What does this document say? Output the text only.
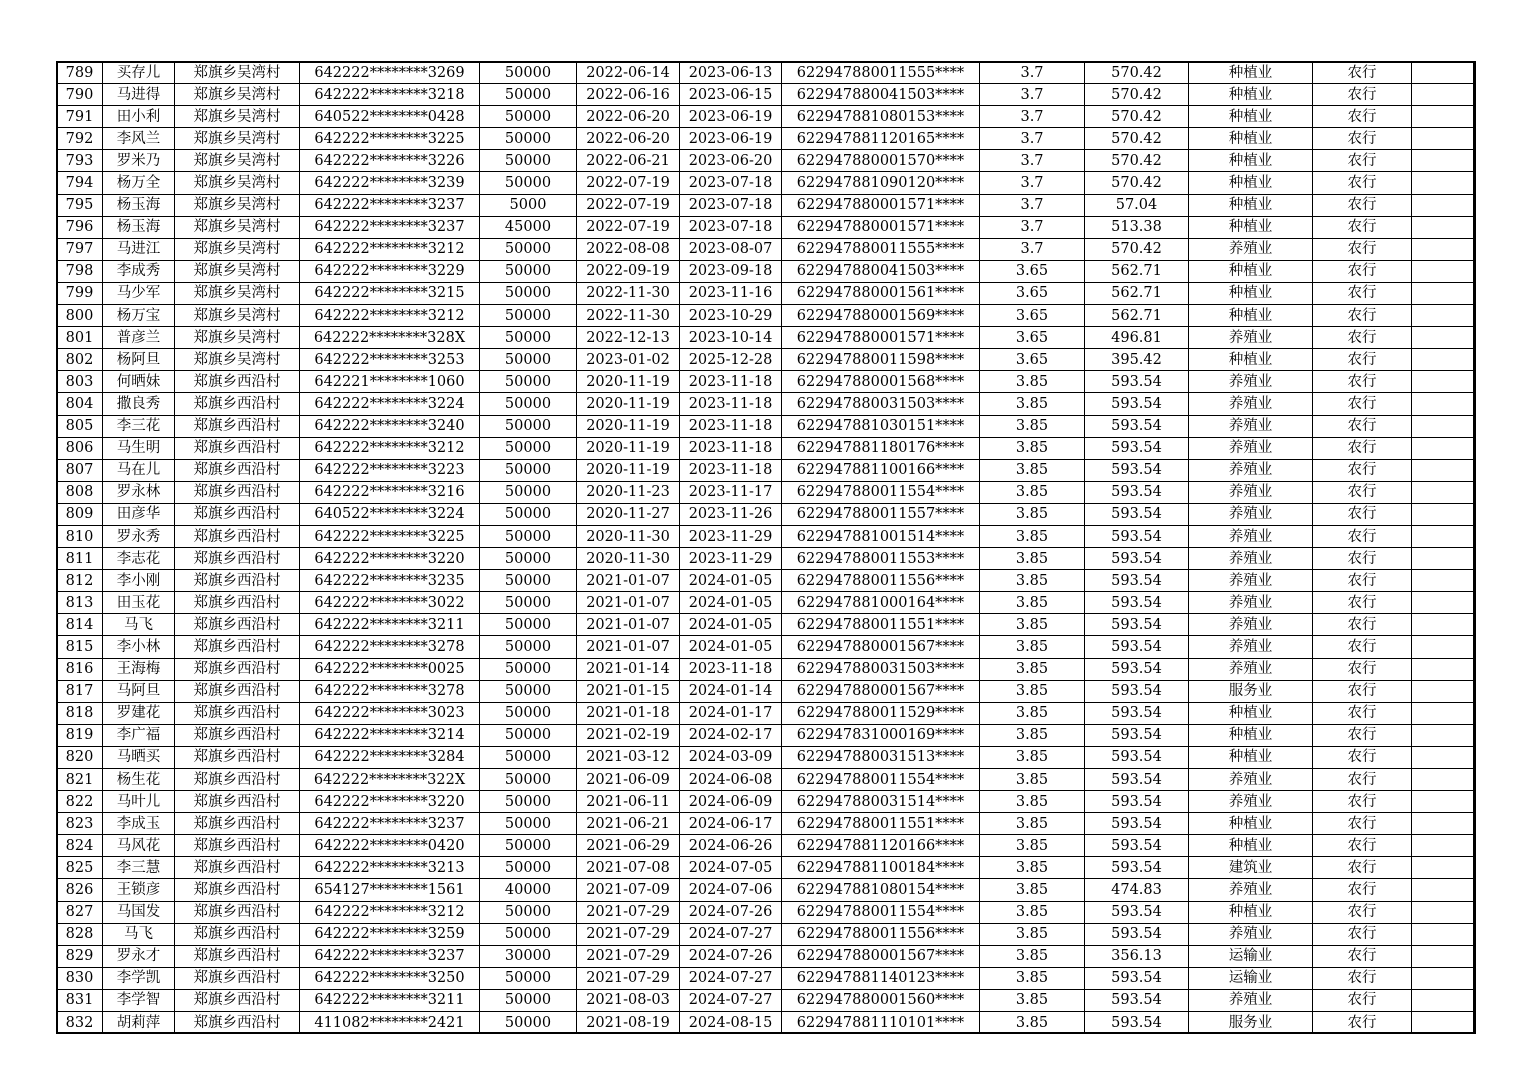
789	买存儿	郑旗乡吴湾村	642222********3269	50000	2022-06-14	2023-06-13	622947880011555****	3.7	570.42	种植业	农行	
790	马进得	郑旗乡吴湾村	642222********3218	50000	2022-06-16	2023-06-15	622947880041503****	3.7	570.42	种植业	农行	
791	田小利	郑旗乡吴湾村	640522********0428	50000	2022-06-20	2023-06-19	622947881080153****	3.7	570.42	种植业	农行	
792	李风兰	郑旗乡吴湾村	642222********3225	50000	2022-06-20	2023-06-19	622947881120165****	3.7	570.42	种植业	农行	
793	罗米乃	郑旗乡吴湾村	642222********3226	50000	2022-06-21	2023-06-20	622947880001570****	3.7	570.42	种植业	农行	
794	杨万全	郑旗乡吴湾村	642222********3239	50000	2022-07-19	2023-07-18	622947881090120****	3.7	570.42	种植业	农行	
795	杨玉海	郑旗乡吴湾村	642222********3237	5000	2022-07-19	2023-07-18	622947880001571****	3.7	57.04	种植业	农行	
796	杨玉海	郑旗乡吴湾村	642222********3237	45000	2022-07-19	2023-07-18	622947880001571****	3.7	513.38	种植业	农行	
797	马进江	郑旗乡吴湾村	642222********3212	50000	2022-08-08	2023-08-07	622947880011555****	3.7	570.42	养殖业	农行	
798	李成秀	郑旗乡吴湾村	642222********3229	50000	2022-09-19	2023-09-18	622947880041503****	3.65	562.71	种植业	农行	
799	马少军	郑旗乡吴湾村	642222********3215	50000	2022-11-30	2023-11-16	622947880001561****	3.65	562.71	种植业	农行	
800	杨万宝	郑旗乡吴湾村	642222********3212	50000	2022-11-30	2023-10-29	622947880001569****	3.65	562.71	种植业	农行	
801	普彦兰	郑旗乡吴湾村	642222********328X	50000	2022-12-13	2023-10-14	622947880001571****	3.65	496.81	养殖业	农行	
802	杨阿旦	郑旗乡吴湾村	642222********3253	50000	2023-01-02	2025-12-28	622947880011598****	3.65	395.42	种植业	农行	
803	何晒妹	郑旗乡西沿村	642221********1060	50000	2020-11-19	2023-11-18	622947880001568****	3.85	593.54	养殖业	农行	
804	撒良秀	郑旗乡西沿村	642222********3224	50000	2020-11-19	2023-11-18	622947880031503****	3.85	593.54	养殖业	农行	
805	李三花	郑旗乡西沿村	642222********3240	50000	2020-11-19	2023-11-18	622947881030151****	3.85	593.54	养殖业	农行	
806	马生明	郑旗乡西沿村	642222********3212	50000	2020-11-19	2023-11-18	622947881180176****	3.85	593.54	养殖业	农行	
807	马在儿	郑旗乡西沿村	642222********3223	50000	2020-11-19	2023-11-18	622947881100166****	3.85	593.54	养殖业	农行	
808	罗永林	郑旗乡西沿村	642222********3216	50000	2020-11-23	2023-11-17	622947880011554****	3.85	593.54	养殖业	农行	
809	田彦华	郑旗乡西沿村	640522********3224	50000	2020-11-27	2023-11-26	622947880011557****	3.85	593.54	养殖业	农行	
810	罗永秀	郑旗乡西沿村	642222********3225	50000	2020-11-30	2023-11-29	622947881001514****	3.85	593.54	养殖业	农行	
811	李志花	郑旗乡西沿村	642222********3220	50000	2020-11-30	2023-11-29	622947880011553****	3.85	593.54	养殖业	农行	
812	李小刚	郑旗乡西沿村	642222********3235	50000	2021-01-07	2024-01-05	622947880011556****	3.85	593.54	养殖业	农行	
813	田玉花	郑旗乡西沿村	642222********3022	50000	2021-01-07	2024-01-05	622947881000164****	3.85	593.54	养殖业	农行	
814	马飞	郑旗乡西沿村	642222********3211	50000	2021-01-07	2024-01-05	622947880011551****	3.85	593.54	养殖业	农行	
815	李小林	郑旗乡西沿村	642222********3278	50000	2021-01-07	2024-01-05	622947880001567****	3.85	593.54	养殖业	农行	
816	王海梅	郑旗乡西沿村	642222********0025	50000	2021-01-14	2023-11-18	622947880031503****	3.85	593.54	养殖业	农行	
817	马阿旦	郑旗乡西沿村	642222********3278	50000	2021-01-15	2024-01-14	622947880001567****	3.85	593.54	服务业	农行	
818	罗建花	郑旗乡西沿村	642222********3023	50000	2021-01-18	2024-01-17	622947880011529****	3.85	593.54	种植业	农行	
819	李广福	郑旗乡西沿村	642222********3214	50000	2021-02-19	2024-02-17	622947831000169****	3.85	593.54	种植业	农行	
820	马晒买	郑旗乡西沿村	642222********3284	50000	2021-03-12	2024-03-09	622947880031513****	3.85	593.54	种植业	农行	
821	杨生花	郑旗乡西沿村	642222********322X	50000	2021-06-09	2024-06-08	622947880011554****	3.85	593.54	养殖业	农行	
822	马叶儿	郑旗乡西沿村	642222********3220	50000	2021-06-11	2024-06-09	622947880031514****	3.85	593.54	养殖业	农行	
823	李成玉	郑旗乡西沿村	642222********3237	50000	2021-06-21	2024-06-17	622947880011551****	3.85	593.54	种植业	农行	
824	马风花	郑旗乡西沿村	642222********0420	50000	2021-06-29	2024-06-26	622947881120166****	3.85	593.54	种植业	农行	
825	李三慧	郑旗乡西沿村	642222********3213	50000	2021-07-08	2024-07-05	622947881100184****	3.85	593.54	建筑业	农行	
826	王锁彦	郑旗乡西沿村	654127********1561	40000	2021-07-09	2024-07-06	622947881080154****	3.85	474.83	养殖业	农行	
827	马国发	郑旗乡西沿村	642222********3212	50000	2021-07-29	2024-07-26	622947880011554****	3.85	593.54	种植业	农行	
828	马飞	郑旗乡西沿村	642222********3259	50000	2021-07-29	2024-07-27	622947880011556****	3.85	593.54	养殖业	农行	
829	罗永才	郑旗乡西沿村	642222********3237	30000	2021-07-29	2024-07-26	622947880001567****	3.85	356.13	运输业	农行	
830	李学凯	郑旗乡西沿村	642222********3250	50000	2021-07-29	2024-07-27	622947881140123****	3.85	593.54	运输业	农行	
831	李学智	郑旗乡西沿村	642222********3211	50000	2021-08-03	2024-07-27	622947880001560****	3.85	593.54	养殖业	农行	
832	胡莉萍	郑旗乡西沿村	411082********2421	50000	2021-08-19	2024-08-15	622947881110101****	3.85	593.54	服务业	农行	
